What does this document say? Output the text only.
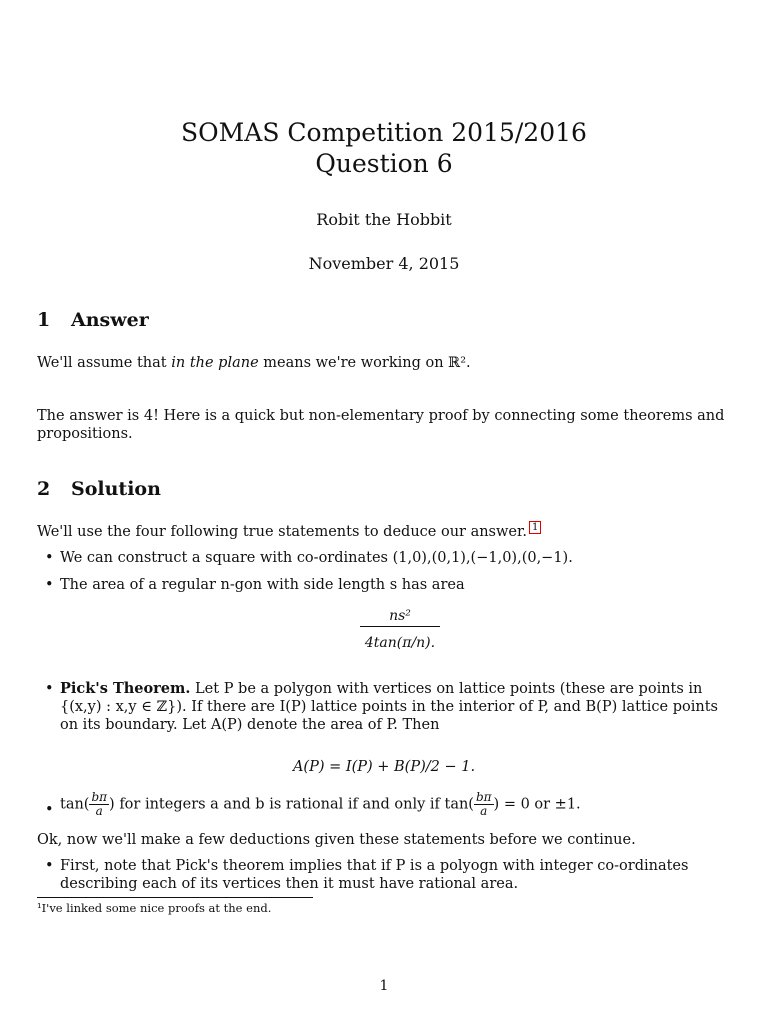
SOMAS Competition 2015/2016
Question 6
Robit the Hobbit
November 4, 2015
1 Answer
We'll assume that in the plane means we're working on ℝ².
The answer is 4! Here is a quick but non-elementary proof by connecting some theorems and propositions.
2 Solution
We'll use the four following true statements to deduce our answer. $^1$
• We can construct a square with co-ordinates (1,0),(0,1),(−1,0),(0,−1).
• The area of a regular n-gon with side length s has area
$\frac{\text{ns²}}{4\tan(\pi/n).}$
• Pick's Theorem. Let P be a polygon with vertices on lattice points (these are points in {(x,y) : x,y ∈ ℤ}). If there are I(P) lattice points in the interior of P, and B(P) lattice points on its boundary. Let A(P) denote the area of P. Then
A(P) = I(P) + B(P)/2 − 1.
• $\tan( \frac{b\pi}{a}$ ) for integers a and b is rational if and only if $\tan( \frac{b\pi}{a}$ ) = 0 or ±1.
Ok, now we'll make a few deductions given these statements before we continue.
• First, note that Pick's theorem implies that if P is a polyogn with integer co-ordinates describing each of its vertices then it must have rational area.
¹I've linked some nice proofs at the end.
1
